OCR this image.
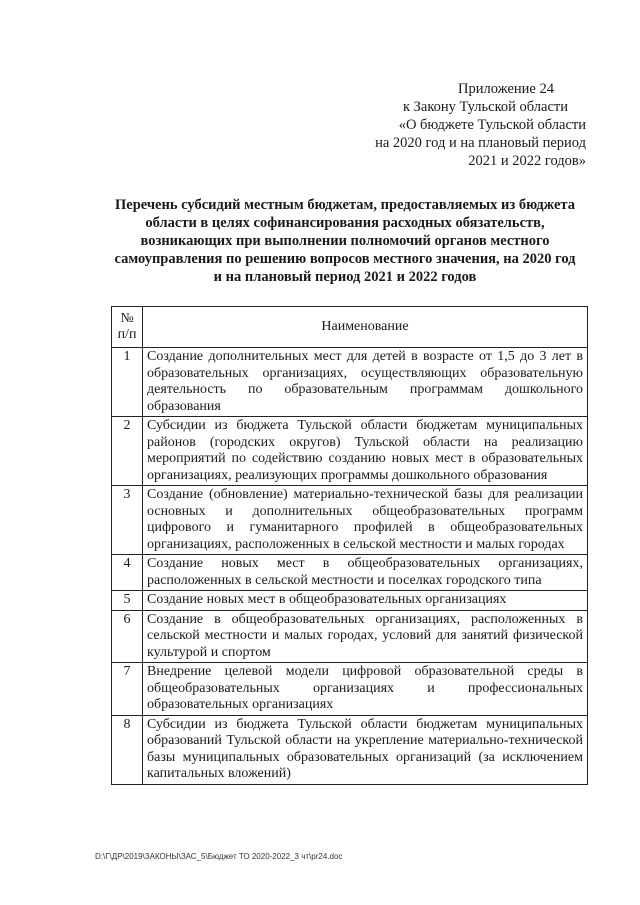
Приложение 24
к Закону Тульской области
«О бюджете Тульской области
на 2020 год и на плановый период
2021 и 2022 годов»
Перечень субсидий местным бюджетам, предоставляемых из бюджета
области в целях софинансирования расходных обязательств,
возникающих при выполнении полномочий органов местного
самоуправления по решению вопросов местного значения, на 2020 год
и на плановый период 2021 и 2022 годов
№ п/п	Наименование
1	Создание дополнительных мест для детей в возрасте от 1,5 до 3 лет в образовательных организациях, осуществляющих образовательную деятельность по образовательным программам дошкольного образования
2	Субсидии из бюджета Тульской области бюджетам муниципальных районов (городских округов) Тульской области на реализацию мероприятий по содействию созданию новых мест в образовательных организациях, реализующих программы дошкольного образования
3	Создание (обновление) материально-технической базы для реализации основных и дополнительных общеобразовательных программ цифрового и гуманитарного профилей в общеобразовательных организациях, расположенных в сельской местности и малых городах
4	Создание новых мест в общеобразовательных организациях, расположенных в сельской местности и поселках городского типа
5	Создание новых мест в общеобразовательных организациях
6	Создание в общеобразовательных организациях, расположенных в сельской местности и малых городах, условий для занятий физической культурой и спортом
7	Внедрение целевой модели цифровой образовательной среды в общеобразовательных организациях и профессиональных образовательных организациях
8	Субсидии из бюджета Тульской области бюджетам муниципальных образований Тульской области на укрепление материально-технической базы муниципальных образовательных организаций (за исключением капитальных вложений)
D:\Г\ДР\2019\ЗАКОНЫ\ЗАС_5\Бюджет ТО 2020-2022_3 чт\pr24.doc
